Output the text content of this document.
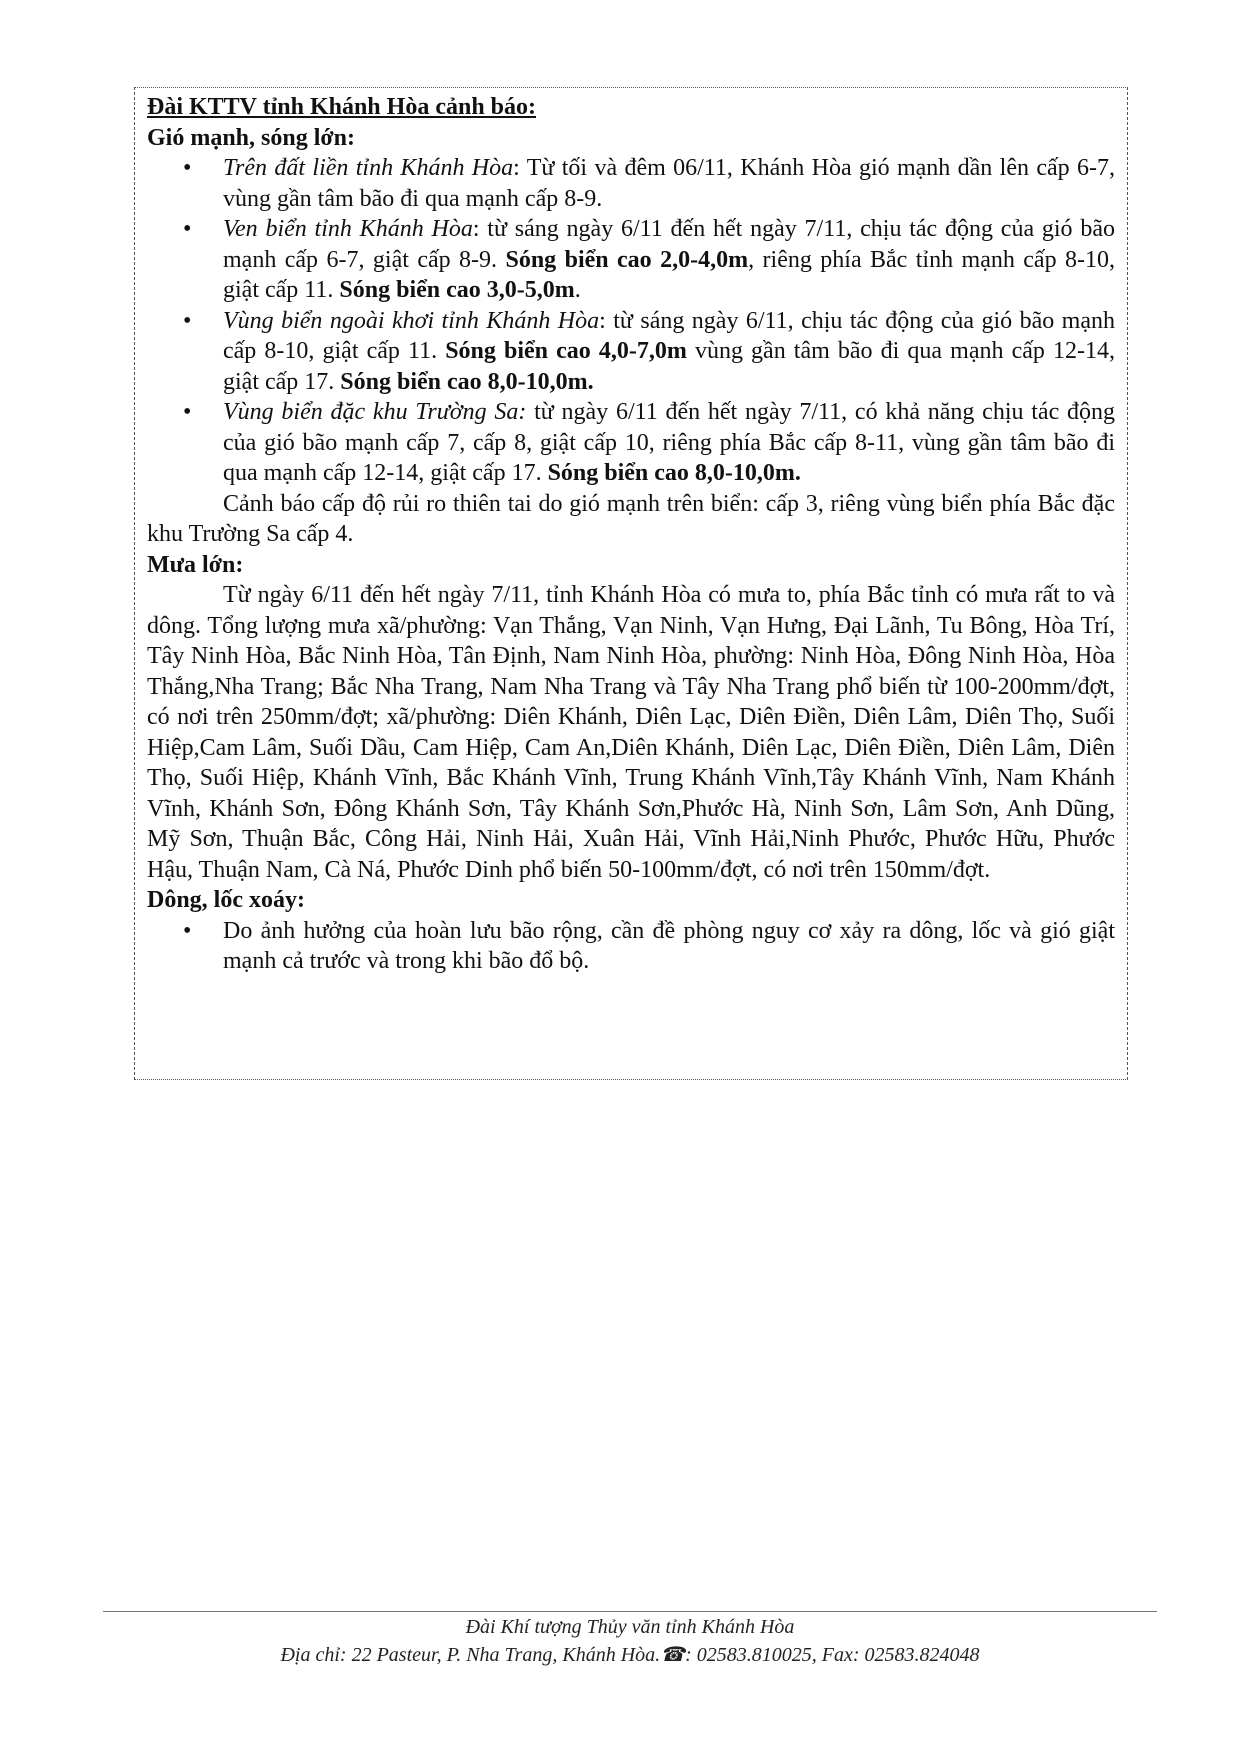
Đài KTTV tỉnh Khánh Hòa cảnh báo:

Gió mạnh, sóng lớn:

• Trên đất liền tỉnh Khánh Hòa: Từ tối và đêm 06/11, Khánh Hòa gió mạnh dần lên cấp 6-7, vùng gần tâm bão đi qua mạnh cấp 8-9.
• Ven biển tỉnh Khánh Hòa: từ sáng ngày 6/11 đến hết ngày 7/11, chịu tác động của gió bão mạnh cấp 6-7, giật cấp 8-9. Sóng biển cao 2,0-4,0m, riêng phía Bắc tỉnh mạnh cấp 8-10, giật cấp 11. Sóng biển cao 3,0-5,0m.
• Vùng biển ngoài khơi tỉnh Khánh Hòa: từ sáng ngày 6/11, chịu tác động của gió bão mạnh cấp 8-10, giật cấp 11. Sóng biển cao 4,0-7,0m vùng gần tâm bão đi qua mạnh cấp 12-14, giật cấp 17. Sóng biển cao 8,0-10,0m.
• Vùng biển đặc khu Trường Sa: từ ngày 6/11 đến hết ngày 7/11, có khả năng chịu tác động của gió bão mạnh cấp 7, cấp 8, giật cấp 10, riêng phía Bắc cấp 8-11, vùng gần tâm bão đi qua mạnh cấp 12-14, giật cấp 17. Sóng biển cao 8,0-10,0m.

Cảnh báo cấp độ rủi ro thiên tai do gió mạnh trên biển: cấp 3, riêng vùng biển phía Bắc đặc khu Trường Sa cấp 4.

Mưa lớn:

Từ ngày 6/11 đến hết ngày 7/11, tỉnh Khánh Hòa có mưa to, phía Bắc tỉnh có mưa rất to và dông. Tổng lượng mưa xã/phường: Vạn Thắng, Vạn Ninh, Vạn Hưng, Đại Lãnh, Tu Bông, Hòa Trí, Tây Ninh Hòa, Bắc Ninh Hòa, Tân Định, Nam Ninh Hòa, phường: Ninh Hòa, Đông Ninh Hòa, Hòa Thắng,Nha Trang; Bắc Nha Trang, Nam Nha Trang và Tây Nha Trang phổ biến từ 100-200mm/đợt, có nơi trên 250mm/đợt; xã/phường: Diên Khánh, Diên Lạc, Diên Điền, Diên Lâm, Diên Thọ, Suối Hiệp,Cam Lâm, Suối Dầu, Cam Hiệp, Cam An,Diên Khánh, Diên Lạc, Diên Điền, Diên Lâm, Diên Thọ, Suối Hiệp, Khánh Vĩnh, Bắc Khánh Vĩnh, Trung Khánh Vĩnh,Tây Khánh Vĩnh, Nam Khánh Vĩnh, Khánh Sơn, Đông Khánh Sơn, Tây Khánh Sơn,Phước Hà, Ninh Sơn, Lâm Sơn, Anh Dũng, Mỹ Sơn, Thuận Bắc, Công Hải, Ninh Hải, Xuân Hải, Vĩnh Hải,Ninh Phước, Phước Hữu, Phước Hậu, Thuận Nam, Cà Ná, Phước Dinh phổ biến 50-100mm/đợt, có nơi trên 150mm/đợt.

Dông, lốc xoáy:

• Do ảnh hưởng của hoàn lưu bão rộng, cần đề phòng nguy cơ xảy ra dông, lốc và gió giật mạnh cả trước và trong khi bão đổ bộ.
Đài Khí tượng Thủy văn tỉnh Khánh Hòa
Địa chỉ: 22 Pasteur, P. Nha Trang, Khánh Hòa.☎: 02583.810025, Fax: 02583.824048
